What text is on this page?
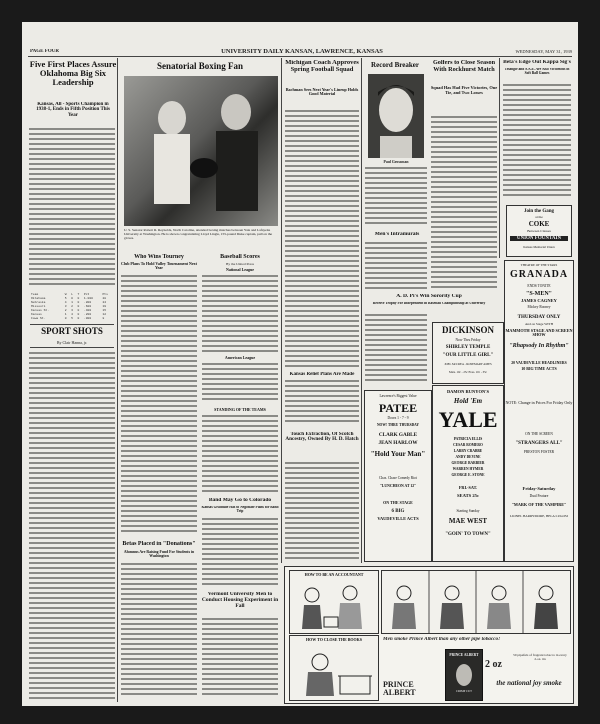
PAGE FOUR	UNIVERSITY DAILY KANSAN, LAWRENCE, KANSAS	WEDNESDAY, MAY 31, 1939
Five First Places Assure Oklahoma Big Six Leadership
Kansas, All - Sports Champion in 1938-1, Ends in Fifth Position This Year
Team	W	L	T	Pct	Pts
Oklahoma	5	0	0	1.000	28
Nebraska	4	1	0	.800	24
Missouri	3	2	0	.600	19
Kansas St.	2	3	0	.400	15
Kansas	1	4	0	.200	12
Iowa St.	0	5	0	.000	8
SPORT SHOTS
By Clair Hanna, jr.
Senatorial Boxing Fan
U. S. Senator Robert R. Reynolds, North Carolina, attended boxing matches between Yale and Lafayette University at Washington. He is shown congratulating Lloyd Lingle, 155-pound Duke captain, pull on the gloves.
Who Wins Tourney
Club Plans To Hold Valley Tournament Next Year
Betas Placed in "Donations"
Alumnus Are Raising Fund For Students in Washington
Baseball Scores
By the United Press
National League
American League
STANDING OF THE TEAMS
Band May Go to Colorado
Kansas Graduate Has to Negotiate Plans for Band Trip
Vermont University Men to Conduct Housing Experiment in Fall
Michigan Coach Approves Spring Football Squad
Bachman Sees Next Year's Lineup Holds Good Material
Kansas Relief Plans Are Made
Touch Extraction, Of Scotch Ancestry, Owned By H. D. Hatch
Record Breaker
Paul Grossman
Men's Intramurals
A. D. Pi's Win Sorority Cup
Receive Trophy For Independent in Baseball Championship at University
Golfers to Close Season With Rockhurst Match
Squad Has Had Five Victories, One Tie, and Two Losses
Beta's Edge Out Kappa Sig's
Triangle and S.A.E. Are Also Victorious in Soft Ball Games
Join the Gang
at the
COKE
Between Classes
UNION FOUNTAIN
Kansas Memorial Union
THEATRE OF THE STARS
GRANADA
ENDS TONITE
"S-MEN"
JAMES CAGNEY
Mickey Rooney
THURSDAY ONLY
And on Stage WITH
MAMMOTH STAGE AND SCREEN SHOW
"Rhapsody In Rhythm"
20 VAUDEVILLE HEADLINERS
10 BIG TIME ACTS
NOTE: Change in Prices For Friday Only
ON THE SCREEN
"STRANGERS ALL"
PRESTON FOSTER
Friday-Saturday
Dual Feature
"MARK OF THE VAMPIRE"
LIONEL BARRYMORE, BELA LUGOSI
Lawrence's Biggest Value
PATEE
Doors 1 - 7 - 9
NOW! THRU THURSDAY
CLARK GABLE
JEAN HARLOW
"Hold Your Man"
Chas. Chase Comedy Riot
"LUNCHEON AT 12"
ON THE STAGE
6 BIG
VAUDEVILLE ACTS
DICKINSON
Now Thru Friday
SHIRLEY TEMPLE
"OUR LITTLE GIRL"
JOEL McCREA - ROSEMARY AMES
Mats. 10c - 25c Eves. 10c - 35c
DAMON RUNYON'S
Hold 'Em
YALE
PATRICIA ELLIS
CESAR ROMERO
LARRY CRABBE
ANDY DEVINE
GEORGE BARBIER
WARREN HYMER
GEORGE E. STONE
FRI.-SAT.
SEATS 25c
Starting Sunday
MAE WEST
"GOIN' TO TOWN"
HOW TO BE AN ACCOUNTANT
HOW TO CLOSE THE BOOKS	Men smoke Prince Albert than any other pipe tobacco!
PRINCE ALBERT
CRIMP CUT
2 oz
50 pipefuls of fragrant tobacco in every 2-oz. tin
PRINCE ALBERT
the national joy smoke
